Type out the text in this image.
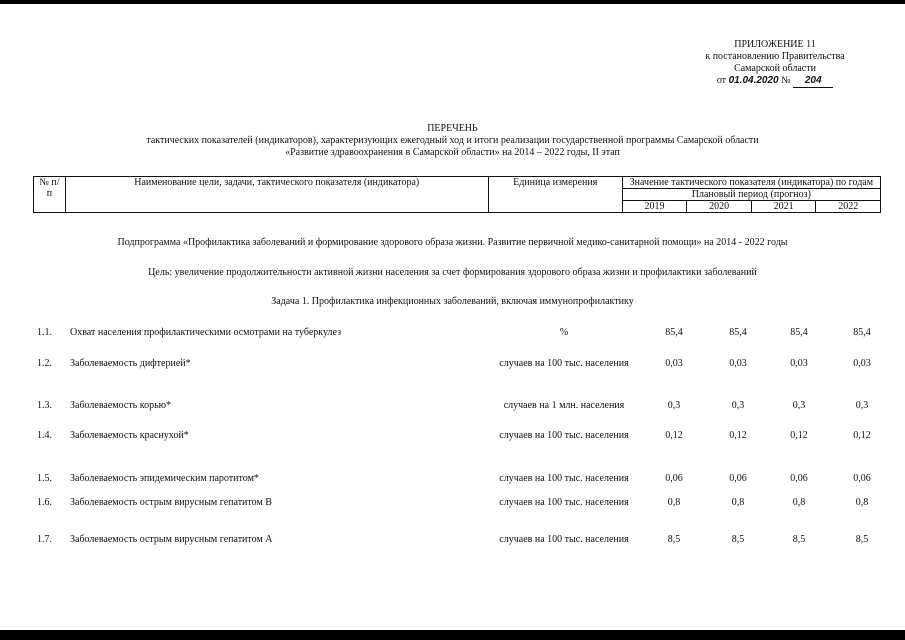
ПРИЛОЖЕНИЕ 11
к постановлению Правительства
Самарской области
от 01.04.2020 № 204
ПЕРЕЧЕНЬ
тактических показателей (индикаторов), характеризующих ежегодный ход и итоги реализации государственной программы Самарской области
«Развитие здравоохранения в Самарской области» на 2014 – 2022 годы, II этап
№ п/п	Наименование цели, задачи, тактического показателя (индикатора)	Единица измерения	Значение тактического показателя (индикатора) по годам			
			Плановый период (прогноз)			
			2019	2020	2021	2022
Подпрограмма «Профилактика заболеваний и формирование здорового образа жизни. Развитие первичной медико-санитарной помощи» на 2014 - 2022 годы
Цель: увеличение продолжительности активной жизни населения за счет формирования здорового образа жизни и профилактики заболеваний
Задача 1. Профилактика инфекционных заболеваний, включая иммунопрофилактику
1.1. Охват населения профилактическими осмотрами на туберкулез	%	85,4	85,4	85,4	85,4
1.2. Заболеваемость дифтерией*	случаев на 100 тыс. населения	0,03	0,03	0,03	0,03
1.3. Заболеваемость корью*	случаев на 1 млн. населения	0,3	0,3	0,3	0,3
1.4. Заболеваемость краснухой*	случаев на 100 тыс. населения	0,12	0,12	0,12	0,12
1.5. Заболеваемость эпидемическим паротитом*	случаев на 100 тыс. населения	0,06	0,06	0,06	0,06
1.6. Заболеваемость острым вирусным гепатитом В	случаев на 100 тыс. населения	0,8	0,8	0,8	0,8
1.7. Заболеваемость острым вирусным гепатитом А	случаев на 100 тыс. населения	8,5	8,5	8,5	8,5
